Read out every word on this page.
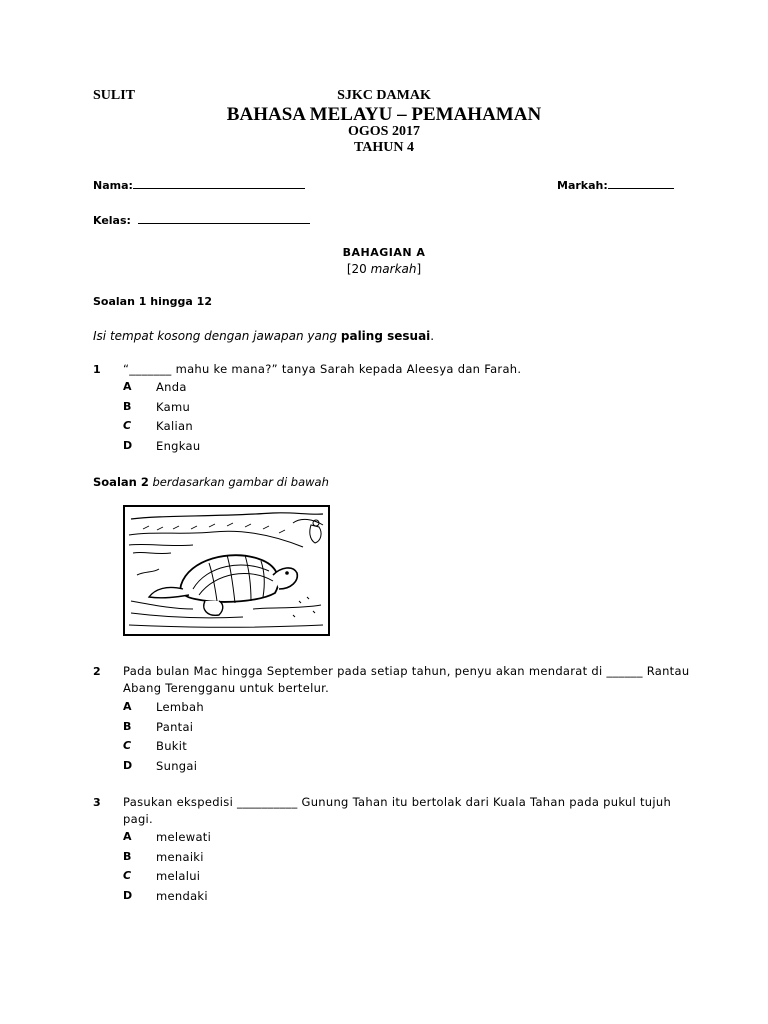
SULIT	SJKC DAMAK
BAHASA MELAYU – PEMAHAMAN
OGOS 2017
TAHUN 4
Nama:	Markah:
Kelas:
BAHAGIAN A
[20 markah]
Soalan 1 hingga 12
Isi tempat kosong dengan jawapan yang paling sesuai.
1 “_______ mahu ke mana?” tanya Sarah kepada Aleesya dan Farah.
A	Anda
B	Kamu
C	Kalian
D	Engkau
Soalan 2 berdasarkan gambar di bawah
2 Pada bulan Mac hingga September pada setiap tahun, penyu akan mendarat di ______ Rantau Abang Terengganu untuk bertelur.
A	Lembah
B	Pantai
C	Bukit
D	Sungai
3 Pasukan ekspedisi __________ Gunung Tahan itu bertolak dari Kuala Tahan pada pukul tujuh pagi.
A	melewati
B	menaiki
C	melalui
D	mendaki
